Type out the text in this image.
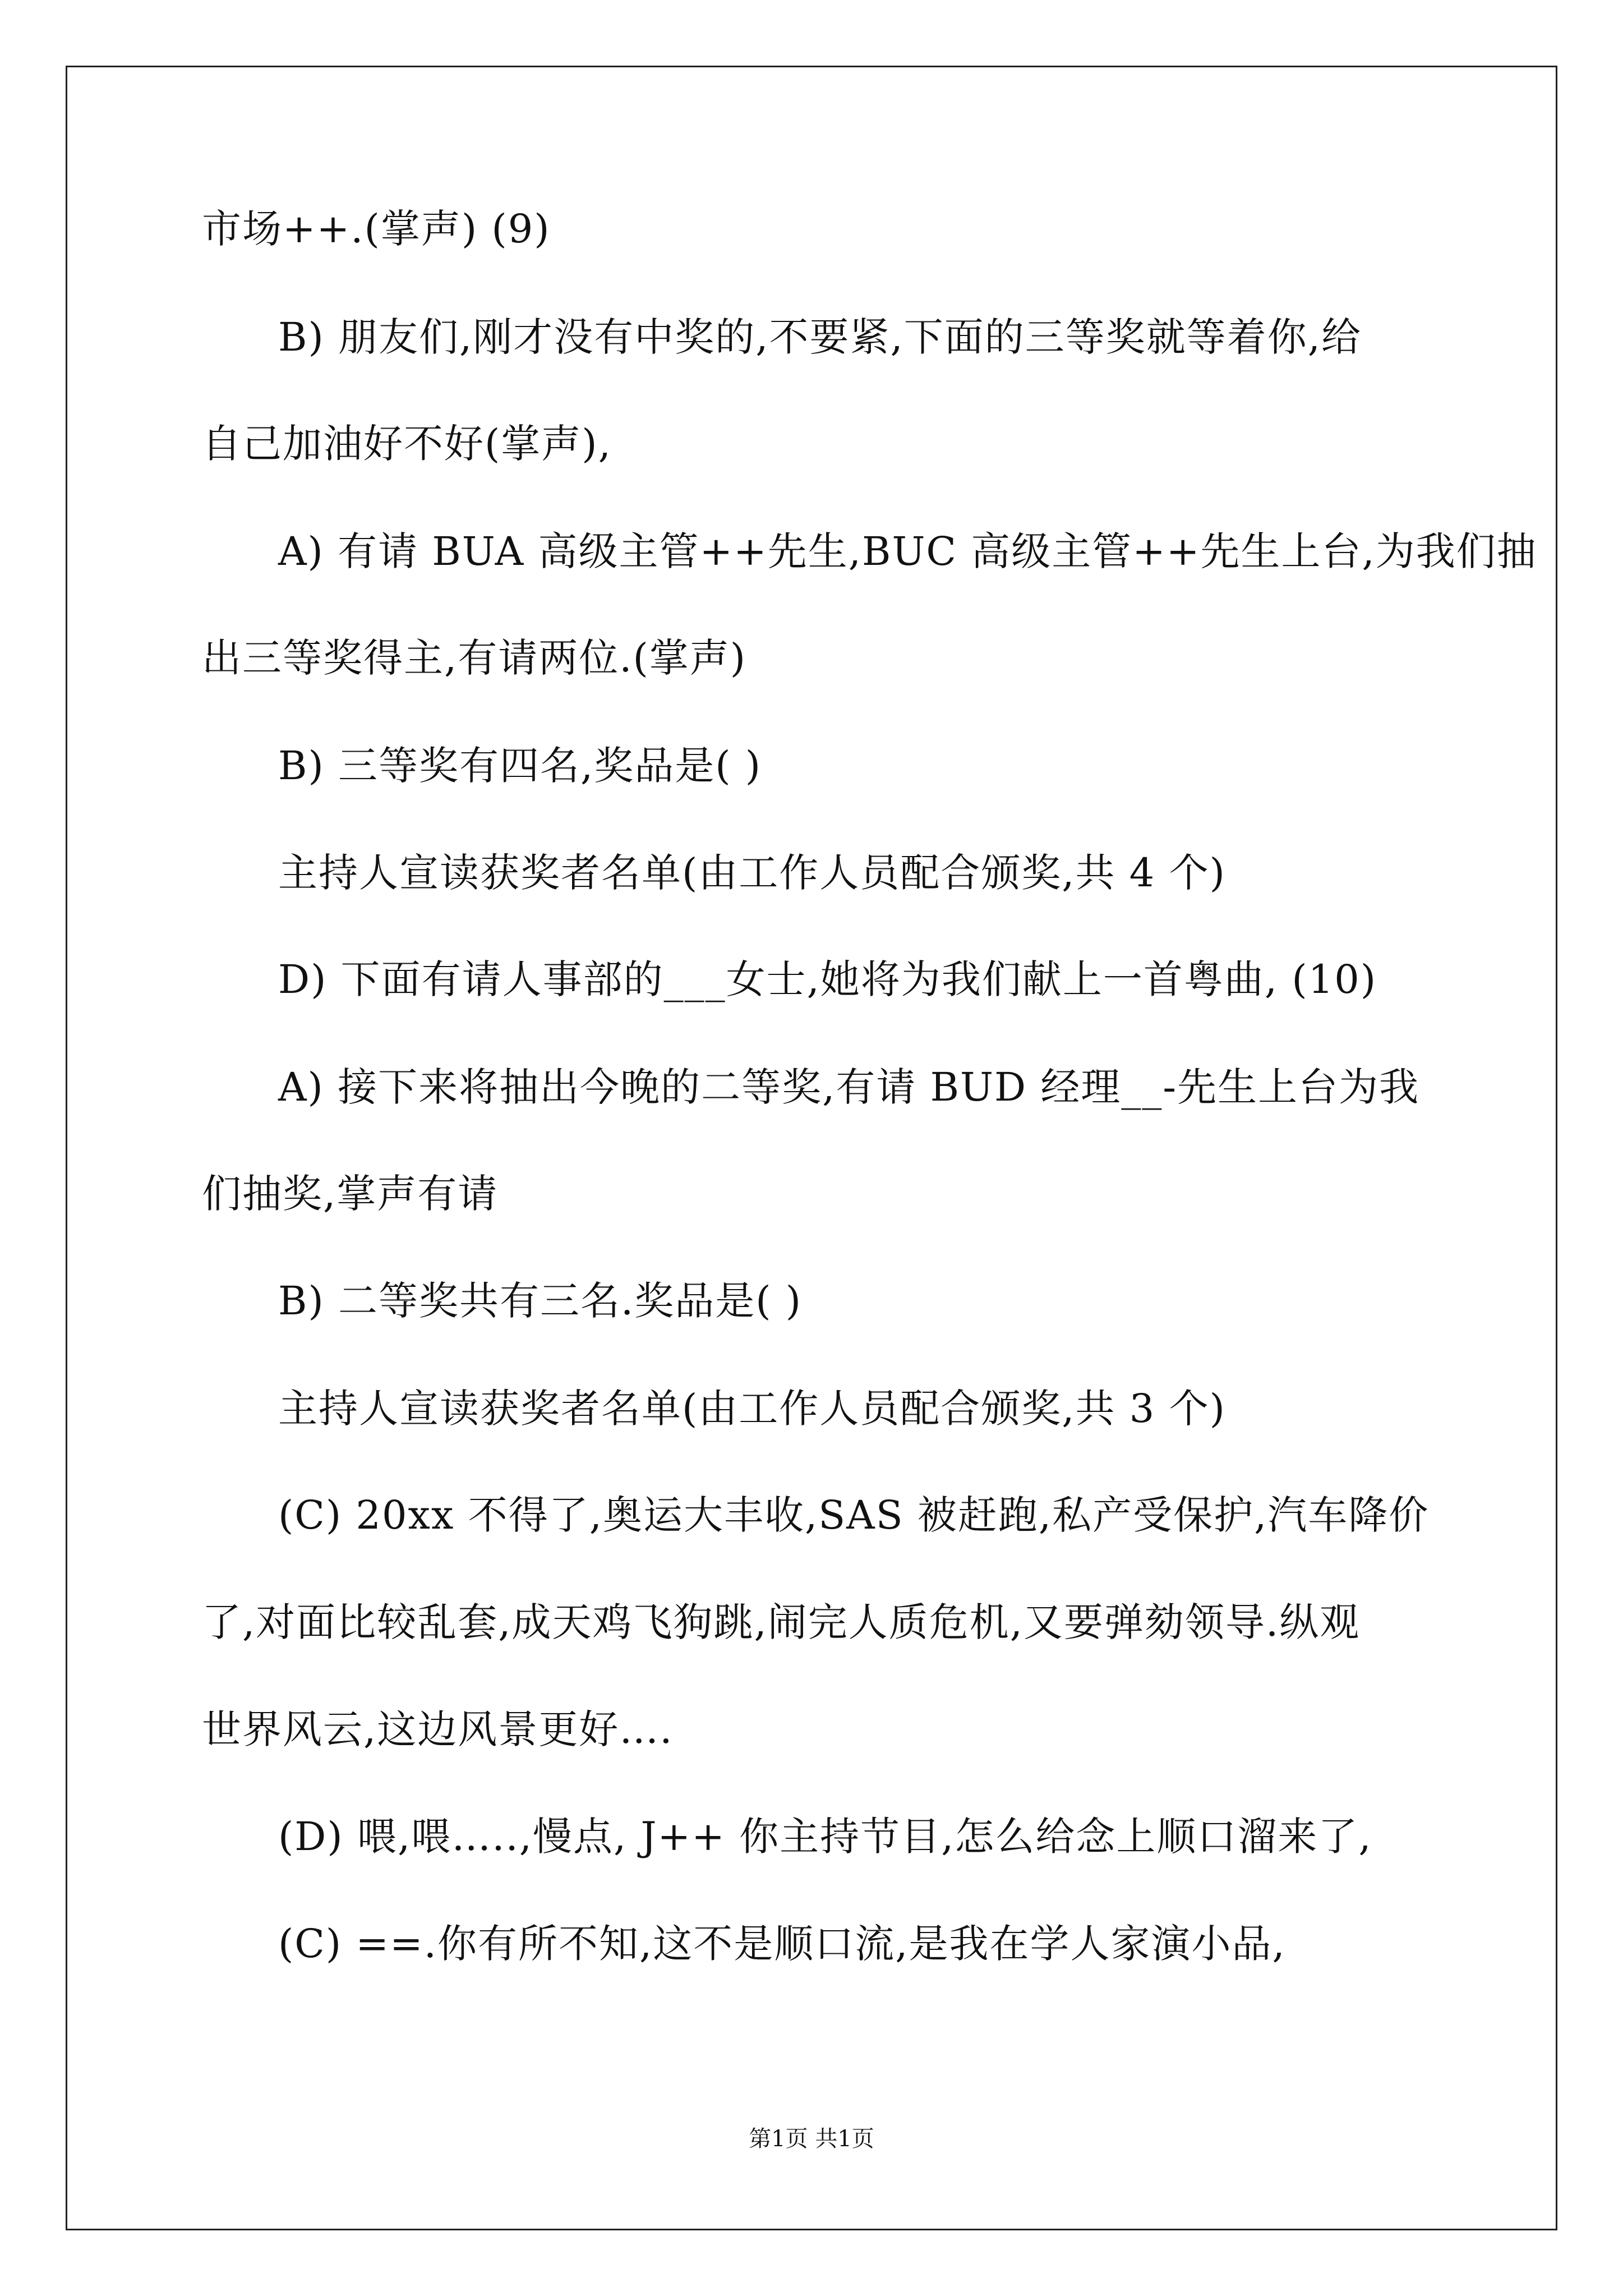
市场++.(掌声) (9)
B) 朋友们,刚才没有中奖的,不要紧,下面的三等奖就等着你,给
自己加油好不好(掌声),
A) 有请 BUA 高级主管++先生,BUC 高级主管++先生上台,为我们抽
出三等奖得主,有请两位.(掌声)
B) 三等奖有四名,奖品是( )
主持人宣读获奖者名单(由工作人员配合颁奖,共 4 个)
D) 下面有请人事部的___女士,她将为我们献上一首粤曲, (10)
A) 接下来将抽出今晚的二等奖,有请 BUD 经理__-先生上台为我
们抽奖,掌声有请
B) 二等奖共有三名.奖品是( )
主持人宣读获奖者名单(由工作人员配合颁奖,共 3 个)
(C) 20xx 不得了,奥运大丰收,SAS 被赶跑,私产受保护,汽车降价
了,对面比较乱套,成天鸡飞狗跳,闹完人质危机,又要弹劾领导.纵观
世界风云,这边风景更好….
(D) 喂,喂…..,慢点, J++ 你主持节目,怎么给念上顺口溜来了,
(C) ==.你有所不知,这不是顺口流,是我在学人家演小品,
第1页 共1页
